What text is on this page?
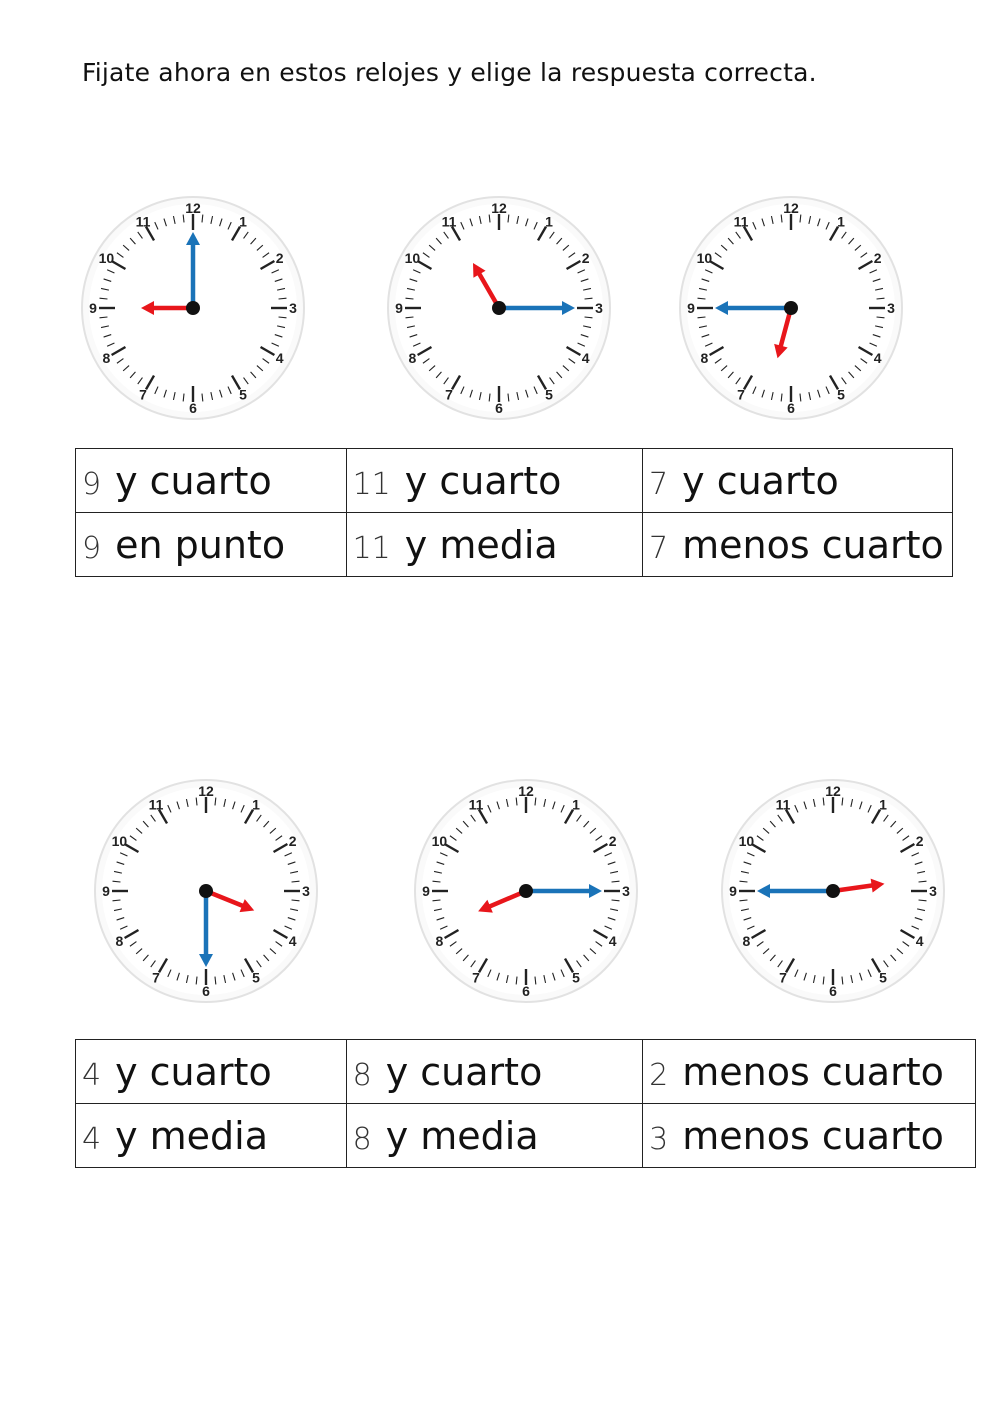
Fijate ahora en estos relojes y elige la respuesta correcta.
12
1
2
3
4
5
6
7
8
9
10
11
12
1
2
3
4
5
6
7
8
9
10
11
12
1
2
3
4
5
6
7
8
9
10
11
9 y cuarto	11 y cuarto	7 y cuarto

9 en punto	11 y media	7 menos cuarto
12
1
2
3
4
5
6
7
8
9
10
11
12
1
2
3
4
5
6
7
8
9
10
11
12
1
2
3
4
5
6
7
8
9
10
11
4 y cuarto	8 y cuarto	2 menos cuarto

4 y media	8 y media	3 menos cuarto
